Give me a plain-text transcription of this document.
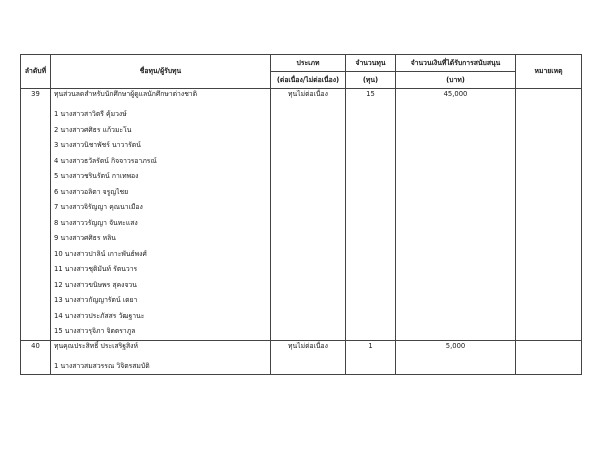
ลำดับที่	ชื่อทุน/ผู้รับทุน	ประเภท	จำนวนทุน	จำนวนเงินที่ได้รับการสนับสนุน	หมายเหตุ
		(ต่อเนื่อง/ไม่ต่อเนื่อง)	(ทุน)	(บาท)	
39	ทุนส่วนลดสำหรับนักศึกษาผู้ดูแลนักศึกษาต่างชาติ	ทุนไม่ต่อเนื่อง	15	45,000	
	1 นางสาวสาวิตรี คุ้มวงษ์				
	2 นางสาวศศิธร แก้วมะโน				
	3 นางสาวนิชาพัชร์ นาวารัตน์				
	4 นางสาวธวัลรัตน์ กิจจาวรอาภรณ์				
	5 นางสาวชรินรัตน์ กาเทพอง				
	6 นางสาวอลิตา จรูญไชย				
	7 นางสาวจิรัญญา คุณนาเมือง				
	8 นางสาววรัญญา จันทะแสง				
	9 นางสาวศศิธร หลิน				
	10 นางสาวปาลิน์ เกาะพันธ์พงศ์				
	11 นางสาวชุติมันท์ รัตนวาร				
	12 นางสาวขนิษพร สุคงจวน				
	13 นางสาวกัญญารัตน์ เตยา				
	14 นางสาวประภัสสร วัฒฐานะ				
	15 นางสาวรุจิภา จิตตราภูล				
40	ทุนคุณประสิทธิ์ ประเสริฐสิงห์	ทุนไม่ต่อเนื่อง	1	5,000	
	1 นางสาวสมสวรรณ วิจิตรสมบัติ				
